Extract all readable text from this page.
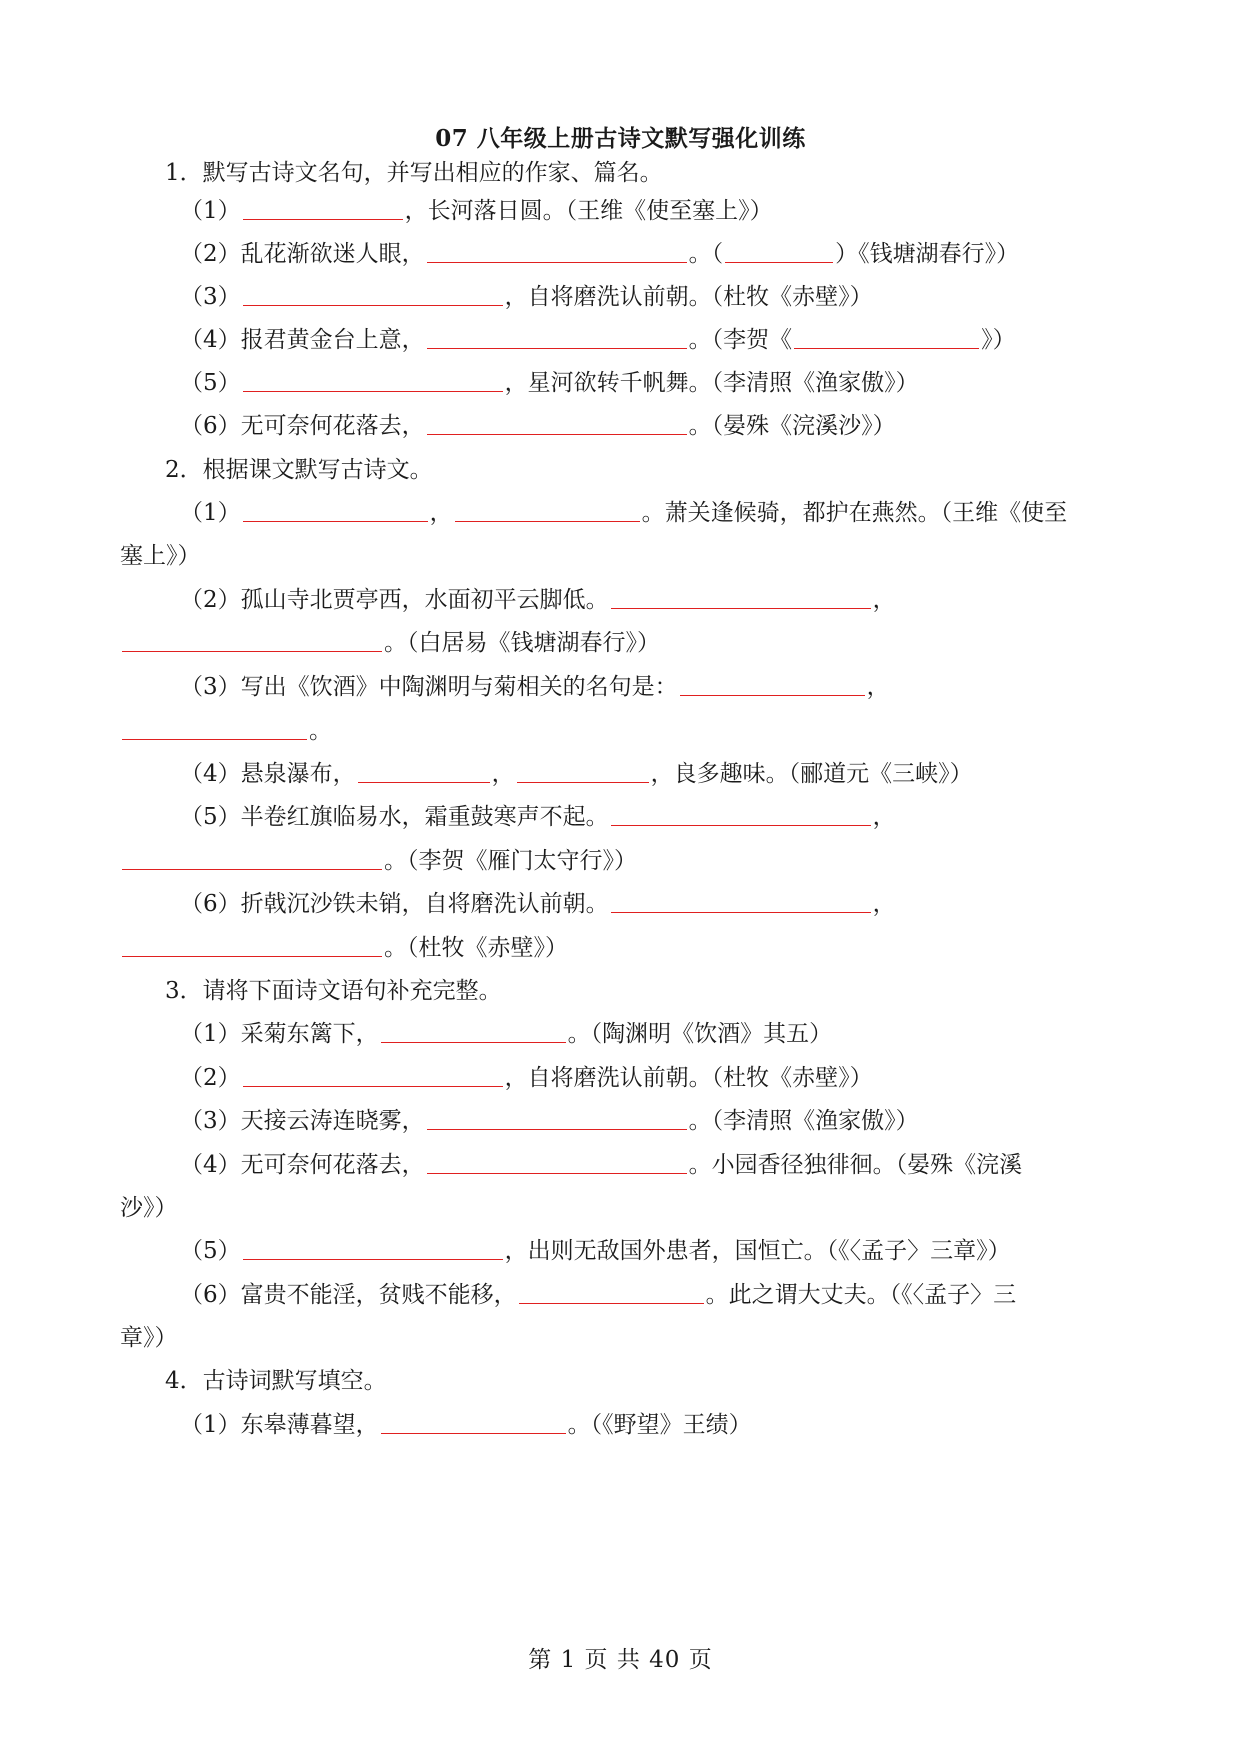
07 八年级上册古诗文默写强化训练
1．默写古诗文名句，并写出相应的作家、篇名。
（1）	，长河落日圆。（王维《使至塞上》）
（2）乱花渐欲迷人眼，	。（	）《钱塘湖春行》）
（3）	，自将磨洗认前朝。（杜牧《赤壁》）
（4）报君黄金台上意，	。（李贺《	》）
（5）	，星河欲转千帆舞。（李清照《渔家傲》）
（6）无可奈何花落去，	。（晏殊《浣溪沙》）
2．根据课文默写古诗文。
（1）	，	。萧关逢候骑，都护在燕然。（王维《使至
塞上》）
（2）孤山寺北贾亭西，水面初平云脚低。	，
。（白居易《钱塘湖春行》）
（3）写出《饮酒》中陶渊明与菊相关的名句是：	，
。
（4）悬泉瀑布，	，	，良多趣味。（郦道元《三峡》）
（5）半卷红旗临易水，霜重鼓寒声不起。	，
。（李贺《雁门太守行》）
（6）折戟沉沙铁未销，自将磨洗认前朝。	，
。（杜牧《赤壁》）
3．请将下面诗文语句补充完整。
（1）采菊东篱下，	。（陶渊明《饮酒》其五）
（2）	，自将磨洗认前朝。（杜牧《赤壁》）
（3）天接云涛连晓雾，	。（李清照《渔家傲》）
（4）无可奈何花落去，	。小园香径独徘徊。（晏殊《浣溪
沙》）
（5）	，出则无敌国外患者，国恒亡。（《〈孟子〉三章》）
（6）富贵不能淫，贫贱不能移，	。此之谓大丈夫。（《〈孟子〉三
章》）
4．古诗词默写填空。
（1）东皋薄暮望，	。（《野望》王绩）
第 1 页 共 40 页
